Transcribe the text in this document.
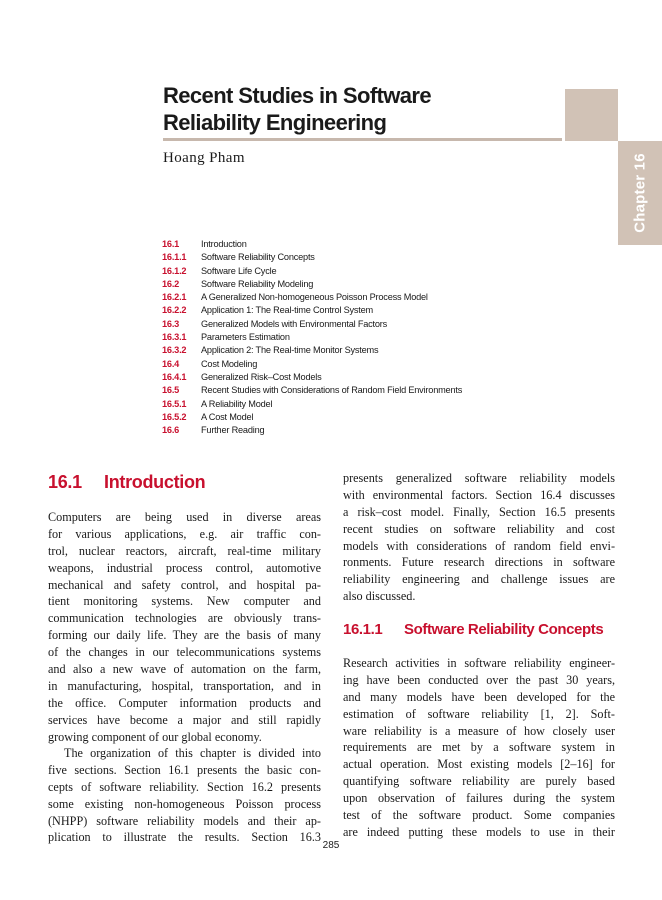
Chapter 16
Recent Studies in Software
Reliability Engineering
Hoang Pham
16.1 Introduction
16.1.1 Software Reliability Concepts
16.1.2 Software Life Cycle
16.2 Software Reliability Modeling
16.2.1 A Generalized Non-homogeneous Poisson Process Model
16.2.2 Application 1: The Real-time Control System
16.3 Generalized Models with Environmental Factors
16.3.1 Parameters Estimation
16.3.2 Application 2: The Real-time Monitor Systems
16.4 Cost Modeling
16.4.1 Generalized Risk–Cost Models
16.5 Recent Studies with Considerations of Random Field Environments
16.5.1 A Reliability Model
16.5.2 A Cost Model
16.6 Further Reading
16.1 Introduction
Computers are being used in diverse areas
for various applications, e.g. air traffic con-
trol, nuclear reactors, aircraft, real-time military
weapons, industrial process control, automotive
mechanical and safety control, and hospital pa-
tient monitoring systems. New computer and
communication technologies are obviously trans-
forming our daily life. They are the basis of many
of the changes in our telecommunications systems
and also a new wave of automation on the farm,
in manufacturing, hospital, transportation, and in
the office. Computer information products and
services have become a major and still rapidly
growing component of our global economy.
The organization of this chapter is divided into
five sections. Section 16.1 presents the basic con-
cepts of software reliability. Section 16.2 presents
some existing non-homogeneous Poisson process
(NHPP) software reliability models and their ap-
plication to illustrate the results. Section 16.3
presents generalized software reliability models
with environmental factors. Section 16.4 discusses
a risk–cost model. Finally, Section 16.5 presents
recent studies on software reliability and cost
models with considerations of random field envi-
ronments. Future research directions in software
reliability engineering and challenge issues are
also discussed.
16.1.1 Software Reliability Concepts
Research activities in software reliability engineer-
ing have been conducted over the past 30 years,
and many models have been developed for the
estimation of software reliability [1, 2]. Soft-
ware reliability is a measure of how closely user
requirements are met by a software system in
actual operation. Most existing models [2–16] for
quantifying software reliability are purely based
upon observation of failures during the system
test of the software product. Some companies
are indeed putting these models to use in their
285
